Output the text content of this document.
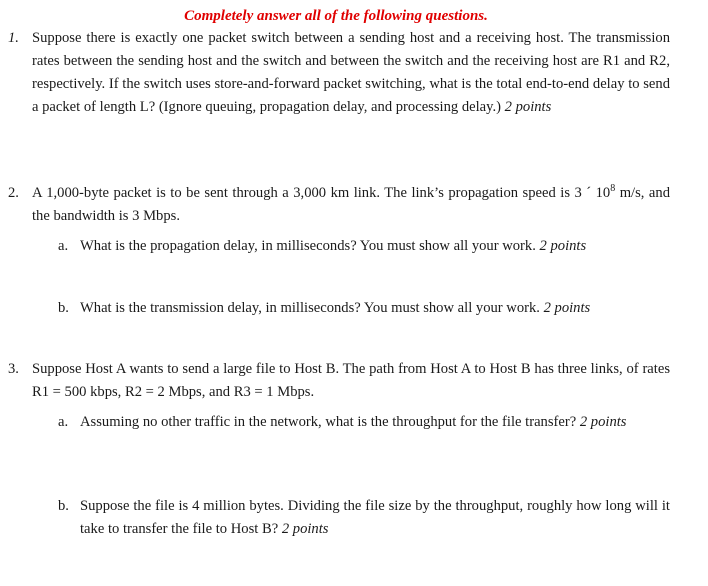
Completely answer all of the following questions.
1. Suppose there is exactly one packet switch between a sending host and a receiving host. The transmission rates between the sending host and the switch and between the switch and the receiving host are R1 and R2, respectively. If the switch uses store-and-forward packet switching, what is the total end-to-end delay to send a packet of length L? (Ignore queuing, propagation delay, and processing delay.) 2 points
2. A 1,000-byte packet is to be sent through a 3,000 km link. The link’s propagation speed is 3 ´ $10^8$ m/s, and the bandwidth is 3 Mbps.
a. What is the propagation delay, in milliseconds? You must show all your work. 2 points
b. What is the transmission delay, in milliseconds? You must show all your work. 2 points
3. Suppose Host A wants to send a large file to Host B. The path from Host A to Host B has three links, of rates R1 = 500 kbps, R2 = 2 Mbps, and R3 = 1 Mbps.
a. Assuming no other traffic in the network, what is the throughput for the file transfer? 2 points
b. Suppose the file is 4 million bytes. Dividing the file size by the throughput, roughly how long will it take to transfer the file to Host B? 2 points
